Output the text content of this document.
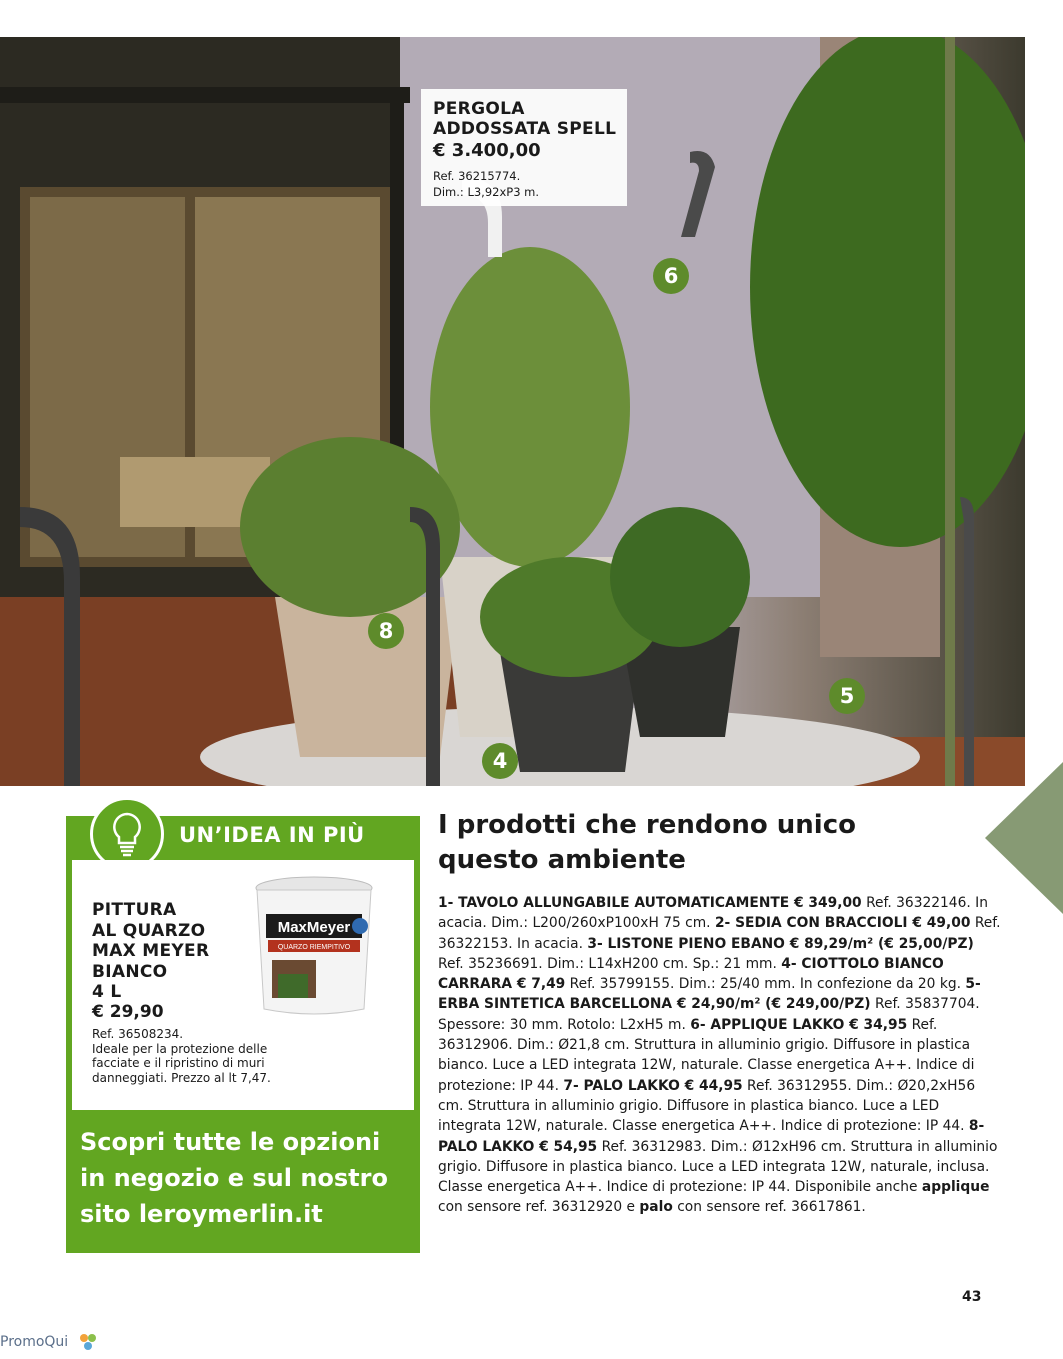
PERGOLA
ADDOSSATA SPELL
€ 3.400,00
Ref. 36215774.
Dim.: L3,92xP3 m.
6
8
5
4
UN’IDEA IN PIÙ
PITTURA
AL QUARZO
MAX MEYER
BIANCO
4 L
€ 29,90
Ref. 36508234.
Ideale per la protezione delle facciate e il ripristino di muri danneggiati. Prezzo al lt 7,47.
MaxMeyer
QUARZO RIEMPITIVO
Scopri tutte le opzioni
in negozio e sul nostro
sito leroymerlin.it
I prodotti che rendono unico
questo ambiente
1- TAVOLO ALLUNGABILE AUTOMATICAMENTE € 349,00 Ref. 36322146. In acacia. Dim.: L200/260xP100xH 75 cm. 2- SEDIA CON BRACCIOLI € 49,00 Ref. 36322153. In acacia. 3- LISTONE PIENO EBANO € 89,29/m² (€ 25,00/PZ) Ref. 35236691. Dim.: L14xH200 cm. Sp.: 21 mm. 4- CIOTTOLO BIANCO CARRARA € 7,49 Ref. 35799155. Dim.: 25/40 mm. In confezione da 20 kg. 5- ERBA SINTETICA BARCELLONA € 24,90/m² (€ 249,00/PZ) Ref. 35837704. Spessore: 30 mm. Rotolo: L2xH5 m. 6- APPLIQUE LAKKO € 34,95 Ref. 36312906. Dim.: Ø21,8 cm. Struttura in alluminio grigio. Diffusore in plastica bianco. Luce a LED integrata 12W, naturale. Classe energetica A++. Indice di protezione: IP 44. 7- PALO LAKKO € 44,95 Ref. 36312955. Dim.: Ø20,2xH56 cm. Struttura in alluminio grigio. Diffusore in plastica bianco. Luce a LED integrata 12W, naturale. Classe energetica A++. Indice di protezione: IP 44. 8- PALO LAKKO € 54,95 Ref. 36312983. Dim.: Ø12xH96 cm. Struttura in alluminio grigio. Diffusore in plastica bianco. Luce a LED integrata 12W, naturale, inclusa. Classe energetica A++. Indice di protezione: IP 44. Disponibile anche applique con sensore ref. 36312920 e palo con sensore ref. 36617861.
43
PromoQui
